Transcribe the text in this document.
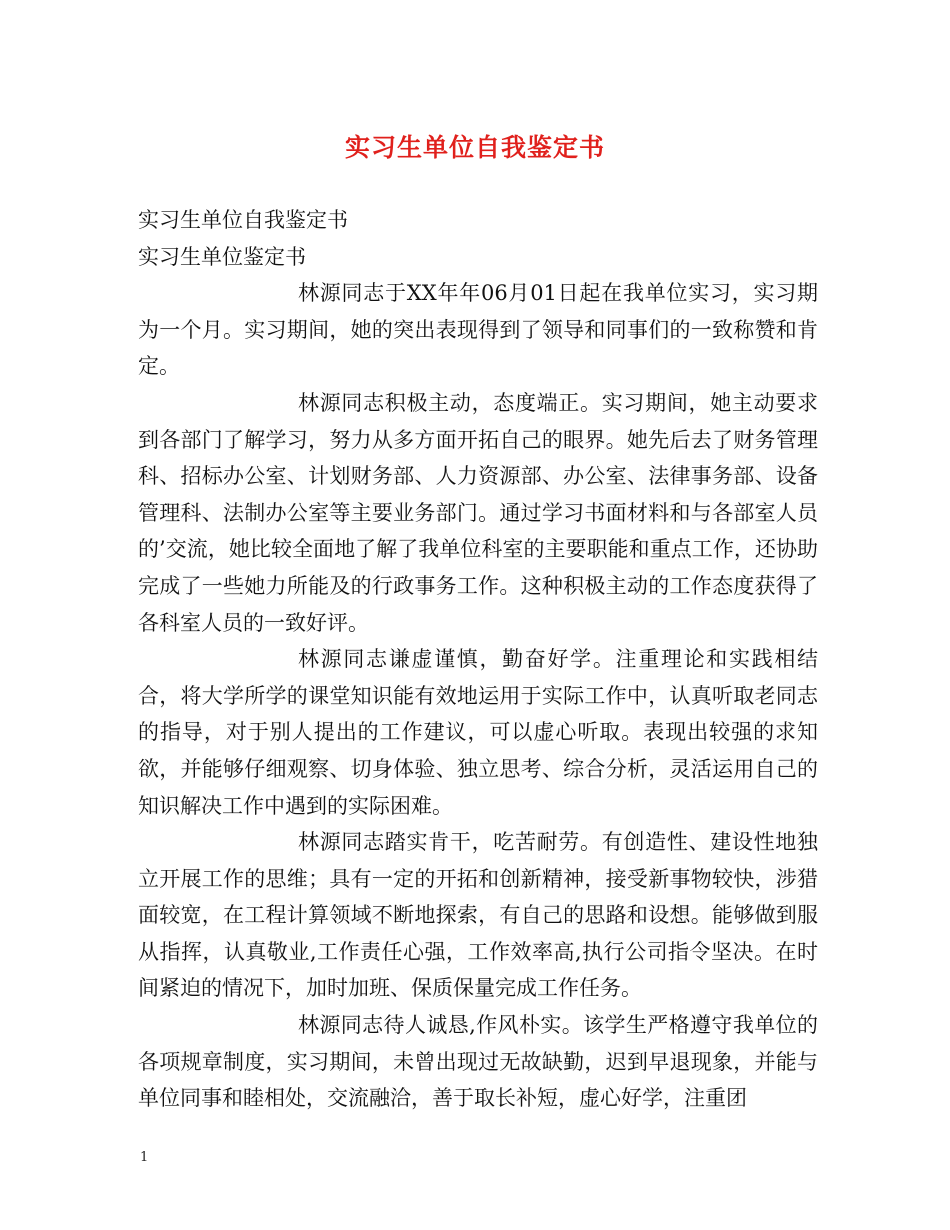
实习生单位自我鉴定书

实习生单位自我鉴定书

实习生单位鉴定书

林源同志于XX年年06月01日起在我单位实习，实习期为一个月。实习期间，她的突出表现得到了领导和同事们的一致称赞和肯定。

林源同志积极主动，态度端正。实习期间，她主动要求到各部门了解学习，努力从多方面开拓自己的眼界。她先后去了财务管理科、招标办公室、计划财务部、人力资源部、办公室、法律事务部、设备管理科、法制办公室等主要业务部门。通过学习书面材料和与各部室人员的’交流，她比较全面地了解了我单位科室的主要职能和重点工作，还协助完成了一些她力所能及的行政事务工作。这种积极主动的工作态度获得了各科室人员的一致好评。

林源同志谦虚谨慎，勤奋好学。注重理论和实践相结合，将大学所学的课堂知识能有效地运用于实际工作中，认真听取老同志的指导，对于别人提出的工作建议，可以虚心听取。表现出较强的求知欲，并能够仔细观察、切身体验、独立思考、综合分析，灵活运用自己的知识解决工作中遇到的实际困难。

林源同志踏实肯干，吃苦耐劳。有创造性、建设性地独立开展工作的思维；具有一定的开拓和创新精神，接受新事物较快，涉猎面较宽，在工程计算领域不断地探索，有自己的思路和设想。能够做到服从指挥，认真敬业,工作责任心强，工作效率高,执行公司指令坚决。在时间紧迫的情况下，加时加班、保质保量完成工作任务。

林源同志待人诚恳,作风朴实。该学生严格遵守我单位的各项规章制度，实习期间，未曾出现过无故缺勤，迟到早退现象，并能与单位同事和睦相处，交流融洽，善于取长补短，虚心好学，注重团

1
